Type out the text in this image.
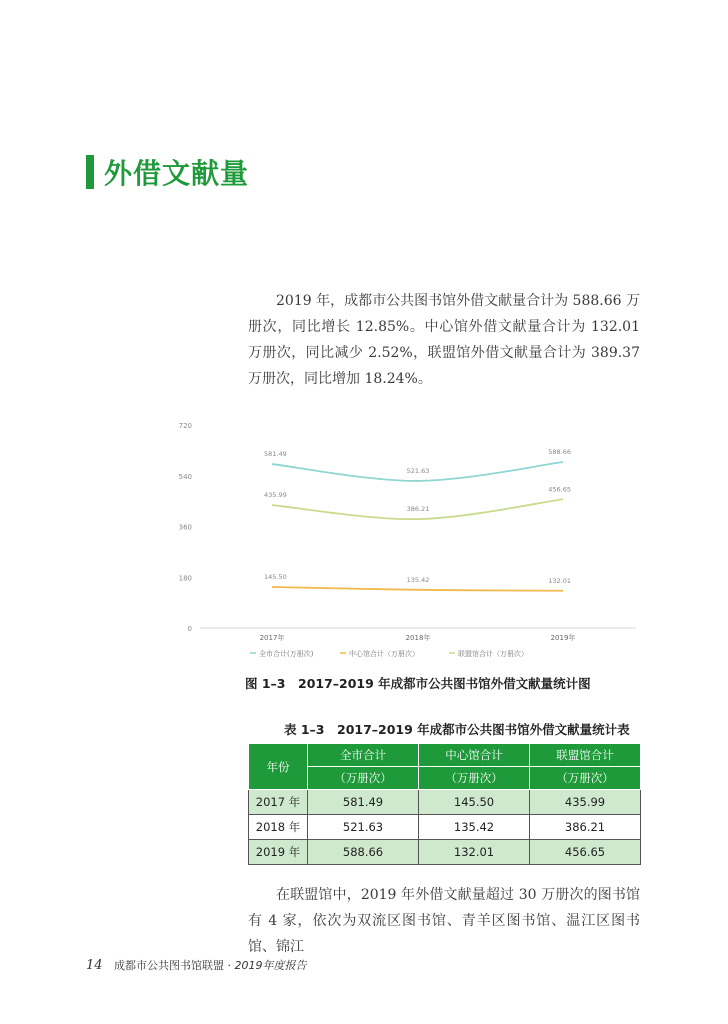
外借文献量
2019 年，成都市公共图书馆外借文献量合计为 588.66 万册次，同比增长 12.85%。中心馆外借文献量合计为 132.01 万册次，同比减少 2.52%，联盟馆外借文献量合计为 389.37 万册次，同比增加 18.24%。
720
540
360
180
0
2017年	2018年	2019年
581.49
521.63
588.66
145.50	135.42	132.01
435.99
386.21
456.65
全市合计(万册次)	中心馆合计（万册次）	联盟馆合计（万册次）
图 1–3　2017–2019 年成都市公共图书馆外借文献量统计图
表 1–3　2017–2019 年成都市公共图书馆外借文献量统计表
年份	全市合计	中心馆合计	联盟馆合计
	（万册次）	（万册次）	（万册次）
2017 年	581.49	145.50	435.99
2018 年	521.63	135.42	386.21
2019 年	588.66	132.01	456.65
在联盟馆中，2019 年外借文献量超过 30 万册次的图书馆有 4 家，依次为双流区图书馆、青羊区图书馆、温江区图书馆、锦江
14 成都市公共图书馆联盟 · 2019年度报告
